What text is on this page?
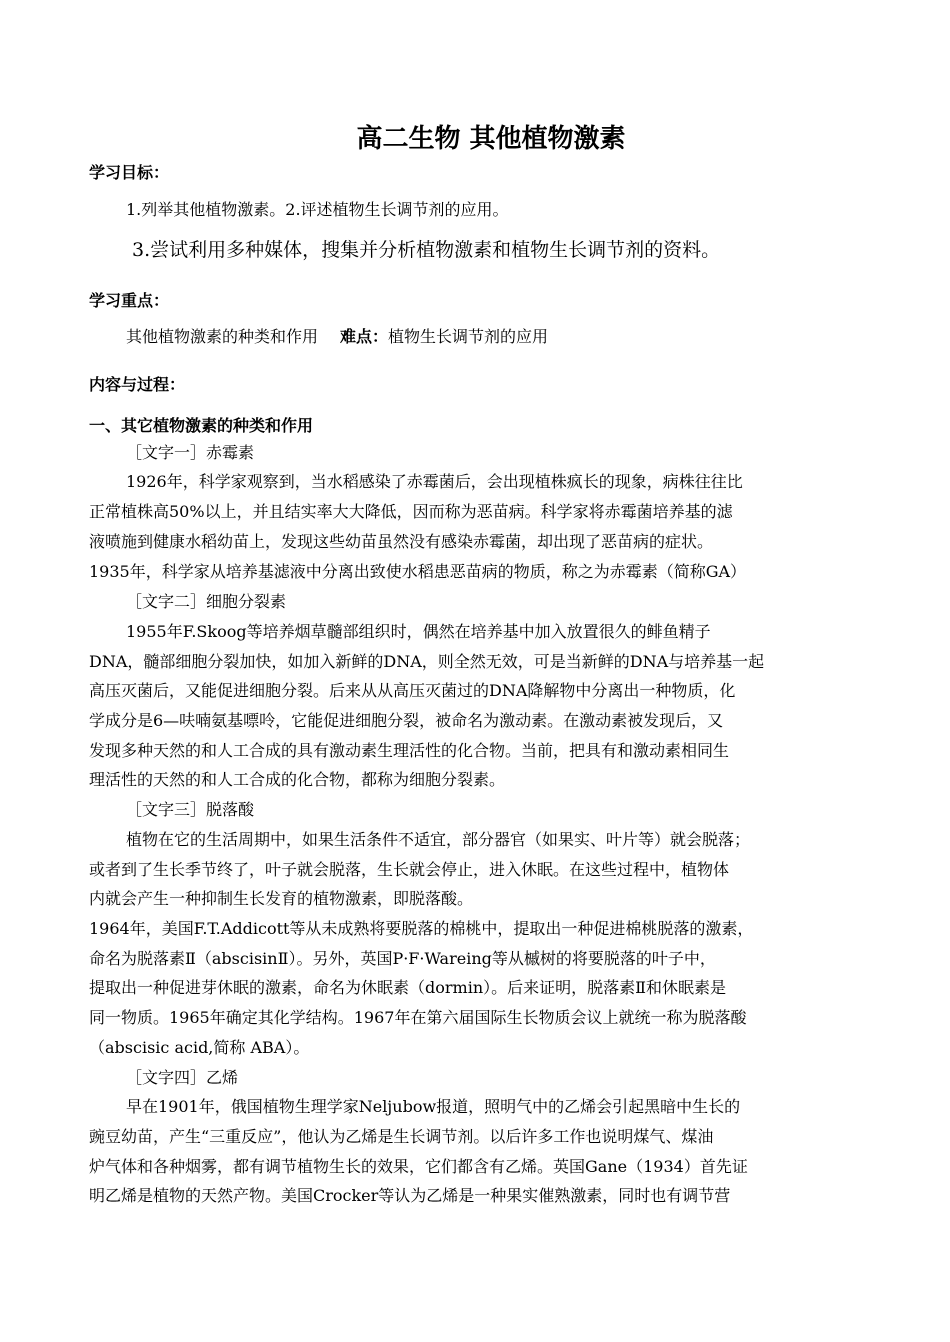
高二生物 其他植物激素
学习目标：
1.列举其他植物激素。2.评述植物生长调节剂的应用。
3.尝试利用多种媒体，搜集并分析植物激素和植物生长调节剂的资料。
学习重点：
其他植物激素的种类和作用 难点：植物生长调节剂的应用
内容与过程：
一、其它植物激素的种类和作用
［文字一］赤霉素
1926年，科学家观察到，当水稻感染了赤霉菌后，会出现植株疯长的现象，病株往往比
正常植株高50%以上，并且结实率大大降低，因而称为恶苗病。科学家将赤霉菌培养基的滤
液喷施到健康水稻幼苗上，发现这些幼苗虽然没有感染赤霉菌，却出现了恶苗病的症状。
1935年，科学家从培养基滤液中分离出致使水稻患恶苗病的物质，称之为赤霉素（简称GA）
［文字二］细胞分裂素
1955年F.Skoog等培养烟草髓部组织时，偶然在培养基中加入放置很久的鲱鱼精子
DNA，髓部细胞分裂加快，如加入新鲜的DNA，则全然无效，可是当新鲜的DNA与培养基一起
高压灭菌后，又能促进细胞分裂。后来从从高压灭菌过的DNA降解物中分离出一种物质，化
学成分是6—呋喃氨基嘌呤，它能促进细胞分裂，被命名为激动素。在激动素被发现后，又
发现多种天然的和人工合成的具有激动素生理活性的化合物。当前，把具有和激动素相同生
理活性的天然的和人工合成的化合物，都称为细胞分裂素。
［文字三］脱落酸
植物在它的生活周期中，如果生活条件不适宜，部分器官（如果实、叶片等）就会脱落；
或者到了生长季节终了，叶子就会脱落，生长就会停止，进入休眠。在这些过程中，植物体
内就会产生一种抑制生长发育的植物激素，即脱落酸。
1964年，美国F.T.Addicott等从未成熟将要脱落的棉桃中，提取出一种促进棉桃脱落的激素，
命名为脱落素Ⅱ（abscisinⅡ）。另外，英国P·F·Wareing等从槭树的将要脱落的叶子中，
提取出一种促进芽休眠的激素，命名为休眠素（dormin）。后来证明，脱落素Ⅱ和休眠素是
同一物质。1965年确定其化学结构。1967年在第六届国际生长物质会议上就统一称为脱落酸
（abscisic acid,简称 ABA）。
［文字四］乙烯
早在1901年，俄国植物生理学家Neljubow报道，照明气中的乙烯会引起黑暗中生长的
豌豆幼苗，产生“三重反应”，他认为乙烯是生长调节剂。以后许多工作也说明煤气、煤油
炉气体和各种烟雾，都有调节植物生长的效果，它们都含有乙烯。英国Gane（1934）首先证
明乙烯是植物的天然产物。美国Crocker等认为乙烯是一种果实催熟激素，同时也有调节营
